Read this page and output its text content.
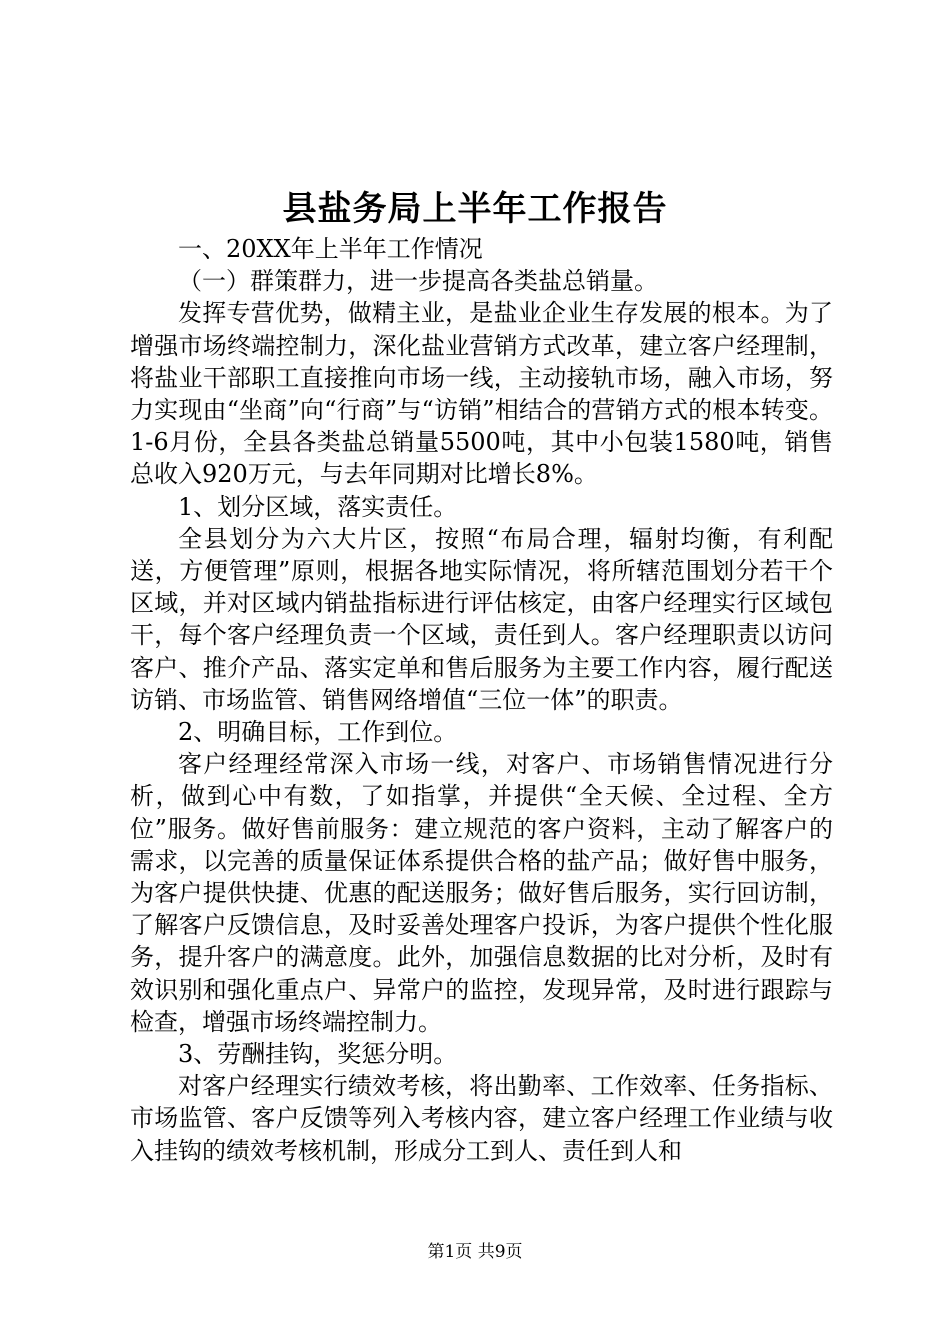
县盐务局上半年工作报告

一、20XX年上半年工作情况

（一）群策群力，进一步提高各类盐总销量。

发挥专营优势，做精主业，是盐业企业生存发展的根本。为了增强市场终端控制力，深化盐业营销方式改革，建立客户经理制，将盐业干部职工直接推向市场一线，主动接轨市场，融入市场，努力实现由“坐商”向“行商”与“访销”相结合的营销方式的根本转变。1-6月份，全县各类盐总销量5500吨，其中小包装1580吨，销售总收入920万元，与去年同期对比增长8%。

1、划分区域，落实责任。

全县划分为六大片区，按照“布局合理，辐射均衡，有利配送，方便管理”原则，根据各地实际情况，将所辖范围划分若干个区域，并对区域内销盐指标进行评估核定，由客户经理实行区域包干，每个客户经理负责一个区域，责任到人。客户经理职责以访问客户、推介产品、落实定单和售后服务为主要工作内容，履行配送访销、市场监管、销售网络增值“三位一体”的职责。

2、明确目标，工作到位。

客户经理经常深入市场一线，对客户、市场销售情况进行分析，做到心中有数，了如指掌，并提供“全天候、全过程、全方位”服务。做好售前服务：建立规范的客户资料，主动了解客户的需求，以完善的质量保证体系提供合格的盐产品；做好售中服务，为客户提供快捷、优惠的配送服务；做好售后服务，实行回访制，了解客户反馈信息，及时妥善处理客户投诉，为客户提供个性化服务，提升客户的满意度。此外，加强信息数据的比对分析，及时有效识别和强化重点户、异常户的监控，发现异常，及时进行跟踪与检查，增强市场终端控制力。

3、劳酬挂钩，奖惩分明。

对客户经理实行绩效考核，将出勤率、工作效率、任务指标、市场监管、客户反馈等列入考核内容，建立客户经理工作业绩与收入挂钩的绩效考核机制，形成分工到人、责任到人和

第1页 共9页
